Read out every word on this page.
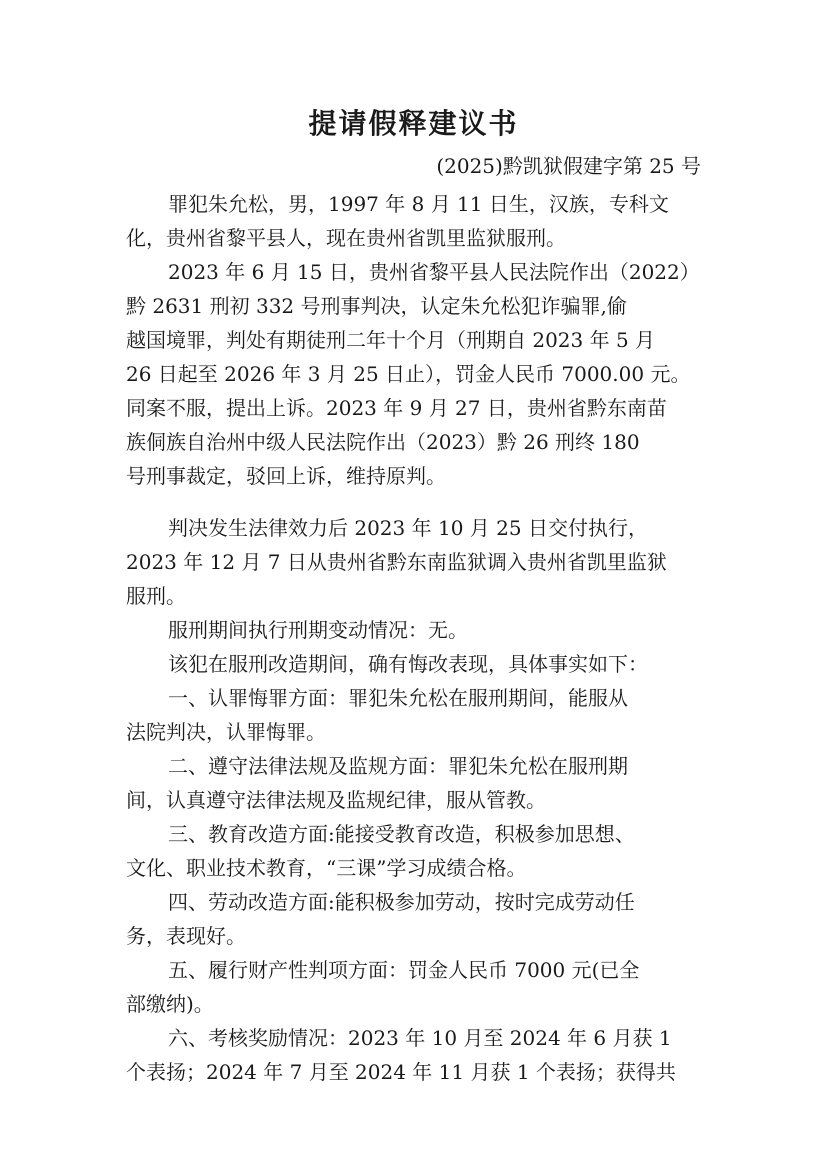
提请假释建议书
(2025)黔凯狱假建字第 25 号
罪犯朱允松，男，1997 年 8 月 11 日生，汉族，专科文
化，贵州省黎平县人，现在贵州省凯里监狱服刑。
2023 年 6 月 15 日，贵州省黎平县人民法院作出（2022）
黔 2631 刑初 332 号刑事判决，认定朱允松犯诈骗罪,偷
越国境罪，判处有期徒刑二年十个月（刑期自 2023 年 5 月
26 日起至 2026 年 3 月 25 日止），罚金人民币 7000.00 元。
同案不服，提出上诉。2023 年 9 月 27 日，贵州省黔东南苗
族侗族自治州中级人民法院作出（2023）黔 26 刑终 180
号刑事裁定，驳回上诉，维持原判。
判决发生法律效力后 2023 年 10 月 25 日交付执行，
2023 年 12 月 7 日从贵州省黔东南监狱调入贵州省凯里监狱
服刑。
服刑期间执行刑期变动情况：无。
该犯在服刑改造期间，确有悔改表现，具体事实如下：
一、认罪悔罪方面：罪犯朱允松在服刑期间，能服从
法院判决，认罪悔罪。
二、遵守法律法规及监规方面：罪犯朱允松在服刑期
间，认真遵守法律法规及监规纪律，服从管教。
三、教育改造方面:能接受教育改造，积极参加思想、
文化、职业技术教育，“三课”学习成绩合格。
四、劳动改造方面:能积极参加劳动，按时完成劳动任
务，表现好。
五、履行财产性判项方面：罚金人民币 7000 元(已全
部缴纳)。
六、考核奖励情况：2023 年 10 月至 2024 年 6 月获 1
个表扬；2024 年 7 月至 2024 年 11 月获 1 个表扬；获得共
